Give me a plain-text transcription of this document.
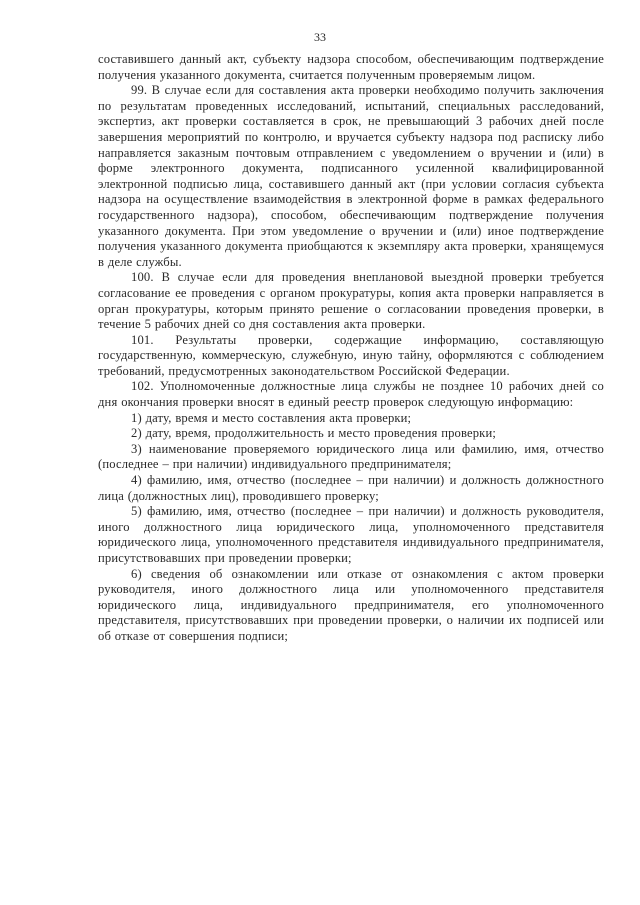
33

составившего данный акт, субъекту надзора способом, обеспечивающим подтверждение получения указанного документа, считается полученным проверяемым лицом.

99. В случае если для составления акта проверки необходимо получить заключения по результатам проведенных исследований, испытаний, специальных расследований, экспертиз, акт проверки составляется в срок, не превышающий 3 рабочих дней после завершения мероприятий по контролю, и вручается субъекту надзора под расписку либо направляется заказным почтовым отправлением с уведомлением о вручении и (или) в форме электронного документа, подписанного усиленной квалифицированной электронной подписью лица, составившего данный акт (при условии согласия субъекта надзора на осуществление взаимодействия в электронной форме в рамках федерального государственного надзора), способом, обеспечивающим подтверждение получения указанного документа. При этом уведомление о вручении и (или) иное подтверждение получения указанного документа приобщаются к экземпляру акта проверки, хранящемуся в деле службы.

100. В случае если для проведения внеплановой выездной проверки требуется согласование ее проведения с органом прокуратуры, копия акта проверки направляется в орган прокуратуры, которым принято решение о согласовании проведения проверки, в течение 5 рабочих дней со дня составления акта проверки.

101. Результаты проверки, содержащие информацию, составляющую государственную, коммерческую, служебную, иную тайну, оформляются с соблюдением требований, предусмотренных законодательством Российской Федерации.

102. Уполномоченные должностные лица службы не позднее 10 рабочих дней со дня окончания проверки вносят в единый реестр проверок следующую информацию:

1) дату, время и место составления акта проверки;

2) дату, время, продолжительность и место проведения проверки;

3) наименование проверяемого юридического лица или фамилию, имя, отчество (последнее – при наличии) индивидуального предпринимателя;

4) фамилию, имя, отчество (последнее – при наличии) и должность должностного лица (должностных лиц), проводившего проверку;

5) фамилию, имя, отчество (последнее – при наличии) и должность руководителя, иного должностного лица юридического лица, уполномоченного представителя юридического лица, уполномоченного представителя индивидуального предпринимателя, присутствовавших при проведении проверки;

6) сведения об ознакомлении или отказе от ознакомления с актом проверки руководителя, иного должностного лица или уполномоченного представителя юридического лица, индивидуального предпринимателя, его уполномоченного представителя, присутствовавших при проведении проверки, о наличии их подписей или об отказе от совершения подписи;
